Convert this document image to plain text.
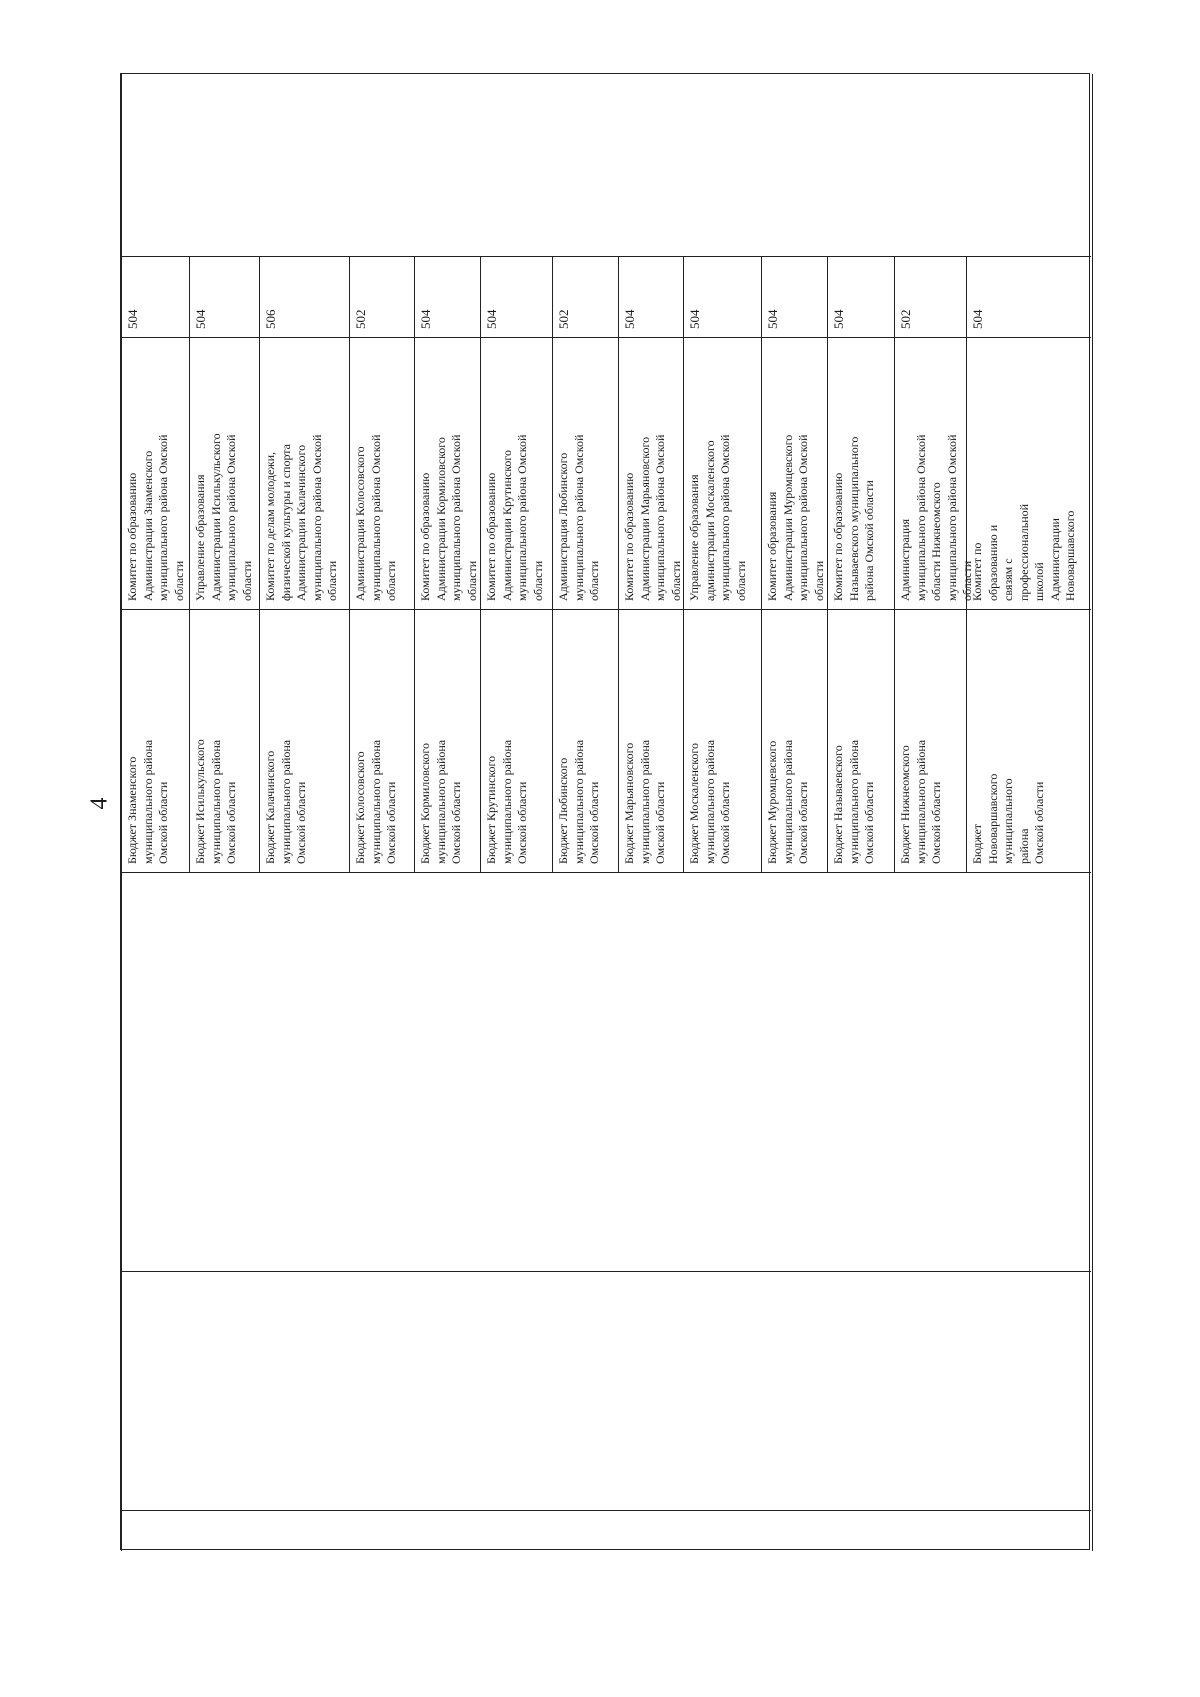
4
504
Комитет по образованию
Администрации Знаменского
муниципального района Омской
области
Бюджет Знаменского
муниципального района
Омской области
504
Управление образования
Администрации Исилькульского
муниципального района Омской
области
Бюджет Исилькульского
муниципального района
Омской области
506
Комитет по делам молодежи,
физической культуры и спорта
Администрации Калачинского
муниципального района Омской
области
Бюджет Калачинского
муниципального района
Омской области
502
Администрация Колосовского
муниципального района Омской
области
Бюджет Колосовского
муниципального района
Омской области
504
Комитет по образованию
Администрации Кормиловского
муниципального района Омской
области
Бюджет Кормиловского
муниципального района
Омской области
504
Комитет по образованию
Администрации Крутинского
муниципального района Омской
области
Бюджет Крутинского
муниципального района
Омской области
502
Администрация Любинского
муниципального района Омской
области
Бюджет Любинского
муниципального района
Омской области
504
Комитет по образованию
Администрации Марьяновского
муниципального района Омской
области
Бюджет Марьяновского
муниципального района
Омской области
504
Управление образования
администрации Москаленского
муниципального района Омской
области
Бюджет Москаленского
муниципального района
Омской области
504
Комитет образования
Администрации Муромцевского
муниципального района Омской
области
Бюджет Муромцевского
муниципального района
Омской области
504
Комитет по образованию
Называевского муниципального
района Омской области
Бюджет Называевского
муниципального района
Омской области
502
Администрация
муниципального района Омской
области Нижнеомского
муниципального района Омской
области
Бюджет Нижнеомского
муниципального района
Омской области
504
Комитет по образованию и
связям с профессиональной
школой Администрации
Нововаршавского
Бюджет Нововаршавского
муниципального района
Омской области
